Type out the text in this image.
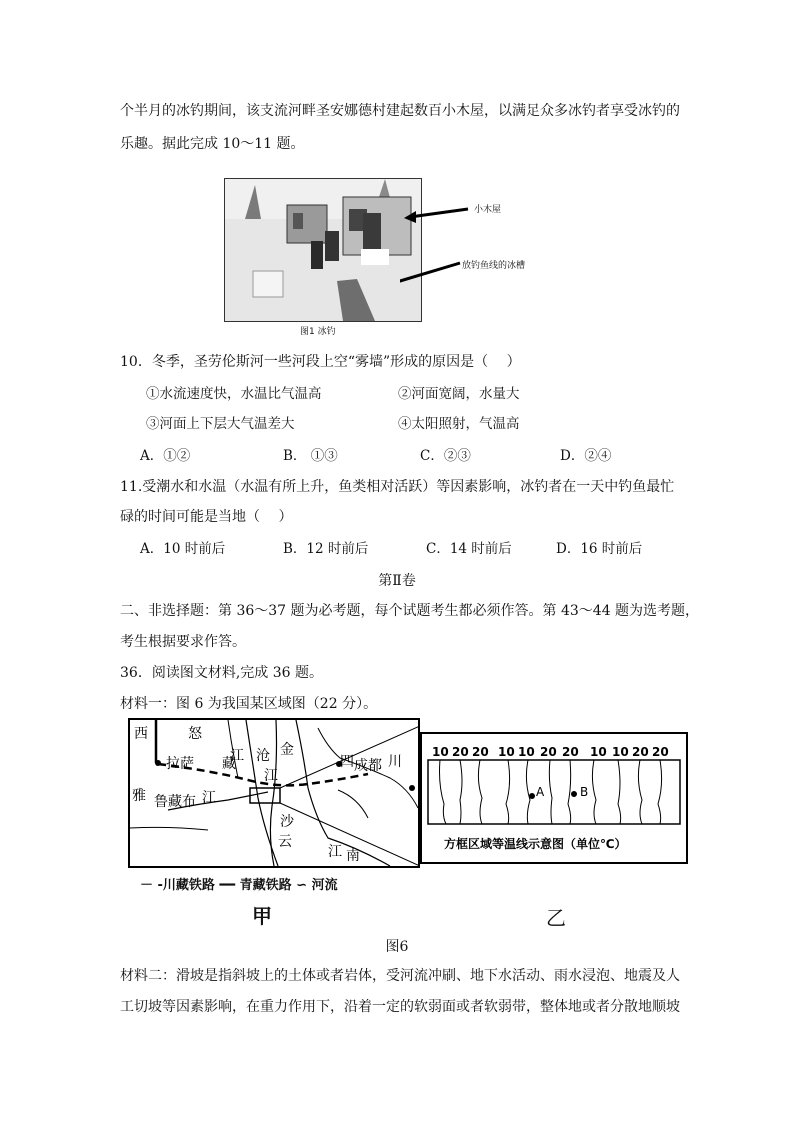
个半月的冰钓期间，该支流河畔圣安娜德村建起数百小木屋，以满足众多冰钓者享受冰钓的
乐趣。据此完成 10～11 题。
小木屋
放钓鱼线的冰槽
图1 冰钓
10．冬季，圣劳伦斯河一些河段上空“雾墙”形成的原因是（　 ）
①水流速度快，水温比气温高	②河面宽阔，水量大
③河面上下层大气温差大	④太阳照射，气温高
A．①②	B． ①③	C．②③	D．②④
11.受潮水和水温（水温有所上升，鱼类相对活跃）等因素影响，冰钓者在一天中钓鱼最忙
碌的时间可能是当地（　 ）
A．10 时前后	B．12 时前后	C．14 时前后	D．16 时前后
第Ⅱ卷
二、非选择题：第 36～37 题为必考题，每个试题考生都必须作答。第 43～44 题为选考题，
考生根据要求作答。
36．阅读图文材料,完成 36 题。
材料一：图 6 为我国某区域图（22 分）。
西	怒
拉萨 藏
江 沧 金
四 成都 川
雅 鲁藏布 江
江
沙
云
江 南
－ -川藏铁路 ━━ 青藏铁路 ∽ 河流
甲
A	B
10 20 20 10 10 20 20 10 10 20 20
方框区域等温线示意图（单位℃）
乙
图6
材料二：滑坡是指斜坡上的土体或者岩体，受河流冲刷、地下水活动、雨水浸泡、地震及人
工切坡等因素影响，在重力作用下，沿着一定的软弱面或者软弱带，整体地或者分散地顺坡
